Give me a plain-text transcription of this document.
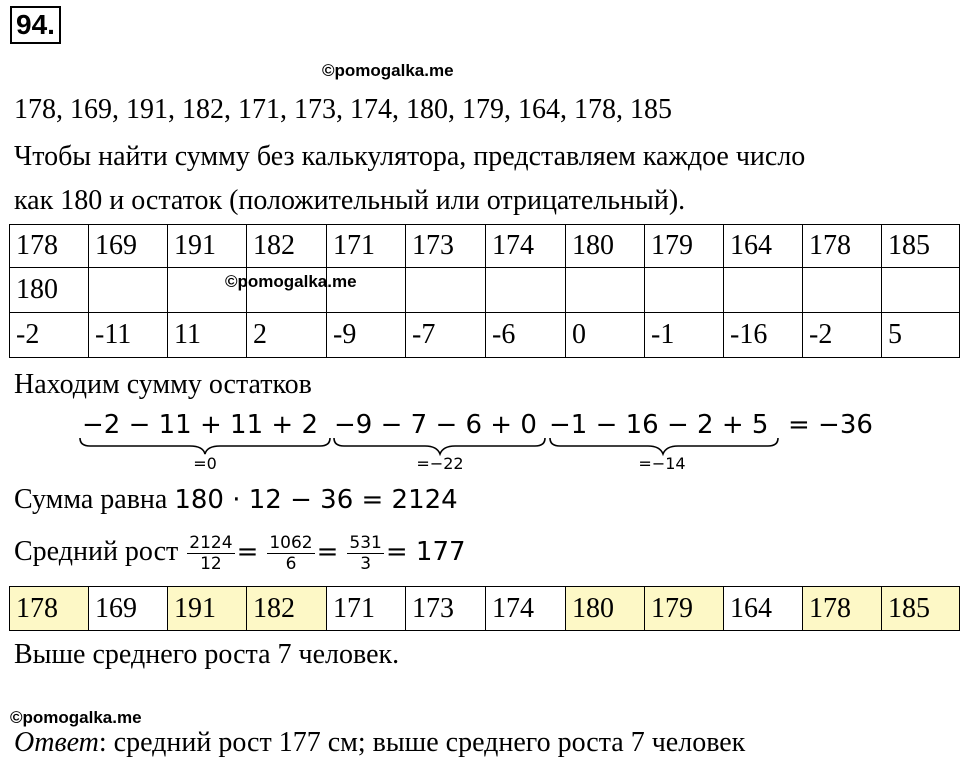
94.
©pomogalka.me
178, 169, 191, 182, 171, 173, 174, 180, 179, 164, 178, 185
Чтобы найти сумму без калькулятора, представляем каждое число
как 180 и остаток (положительный или отрицательный).
178	169	191	182	171	173	174	180	179	164	178	185
180											
-2	-11	11	2	-9	-7	-6	0	-1	-16	-2	5
©pomogalka.me
Находим сумму остатков
−2 − 11 + 11 + 2 −9 − 7 − 6 + 0 −1 − 16 − 2 + 5 = −36
=0	=−22	=−14
Сумма равна 180 · 12 − 36 = 2124
Средний рост $\frac{2124}{12} = \frac{1062}{6} = \frac{531}{3} = 177$
178	169	191	182	171	173	174	180	179	164	178	185
Выше среднего роста 7 человек.
©pomogalka.me
Ответ: средний рост 177 см; выше среднего роста 7 человек
